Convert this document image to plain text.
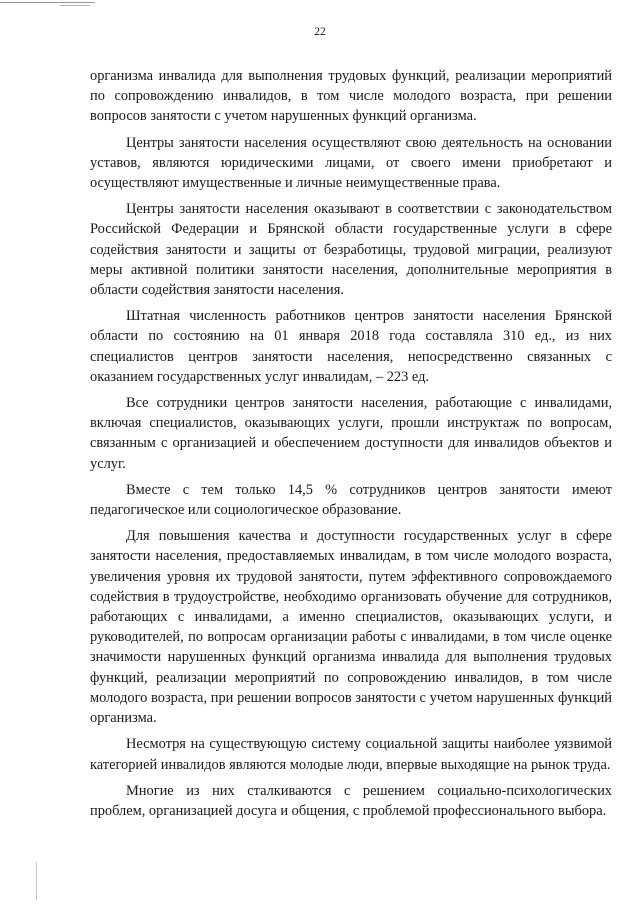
22

организма инвалида для выполнения трудовых функций, реализации мероприятий по сопровождению инвалидов, в том числе молодого возраста, при решении вопросов занятости с учетом нарушенных функций организма.

Центры занятости населения осуществляют свою деятельность на основании уставов, являются юридическими лицами, от своего имени приобретают и осуществляют имущественные и личные неимущественные права.

Центры занятости населения оказывают в соответствии с законодательством Российской Федерации и Брянской области государственные услуги в сфере содействия занятости и защиты от безработицы, трудовой миграции, реализуют меры активной политики занятости населения, дополнительные мероприятия в области содействия занятости населения.

Штатная численность работников центров занятости населения Брянской области по состоянию на 01 января 2018 года составляла 310 ед., из них специалистов центров занятости населения, непосредственно связанных с оказанием государственных услуг инвалидам, – 223 ед.

Все сотрудники центров занятости населения, работающие с инвалидами, включая специалистов, оказывающих услуги, прошли инструктаж по вопросам, связанным с организацией и обеспечением доступности для инвалидов объектов и услуг.

Вместе с тем только 14,5 % сотрудников центров занятости имеют педагогическое или социологическое образование.

Для повышения качества и доступности государственных услуг в сфере занятости населения, предоставляемых инвалидам, в том числе молодого возраста, увеличения уровня их трудовой занятости, путем эффективного сопровождаемого содействия в трудоустройстве, необходимо организовать обучение для сотрудников, работающих с инвалидами, а именно специалистов, оказывающих услуги, и руководителей, по вопросам организации работы с инвалидами, в том числе оценке значимости нарушенных функций организма инвалида для выполнения трудовых функций, реализации мероприятий по сопровождению инвалидов, в том числе молодого возраста, при решении вопросов занятости с учетом нарушенных функций организма.

Несмотря на существующую систему социальной защиты наиболее уязвимой категорией инвалидов являются молодые люди, впервые выходящие на рынок труда.

Многие из них сталкиваются с решением социально-психологических проблем, организацией досуга и общения, с проблемой профессионального выбора.
